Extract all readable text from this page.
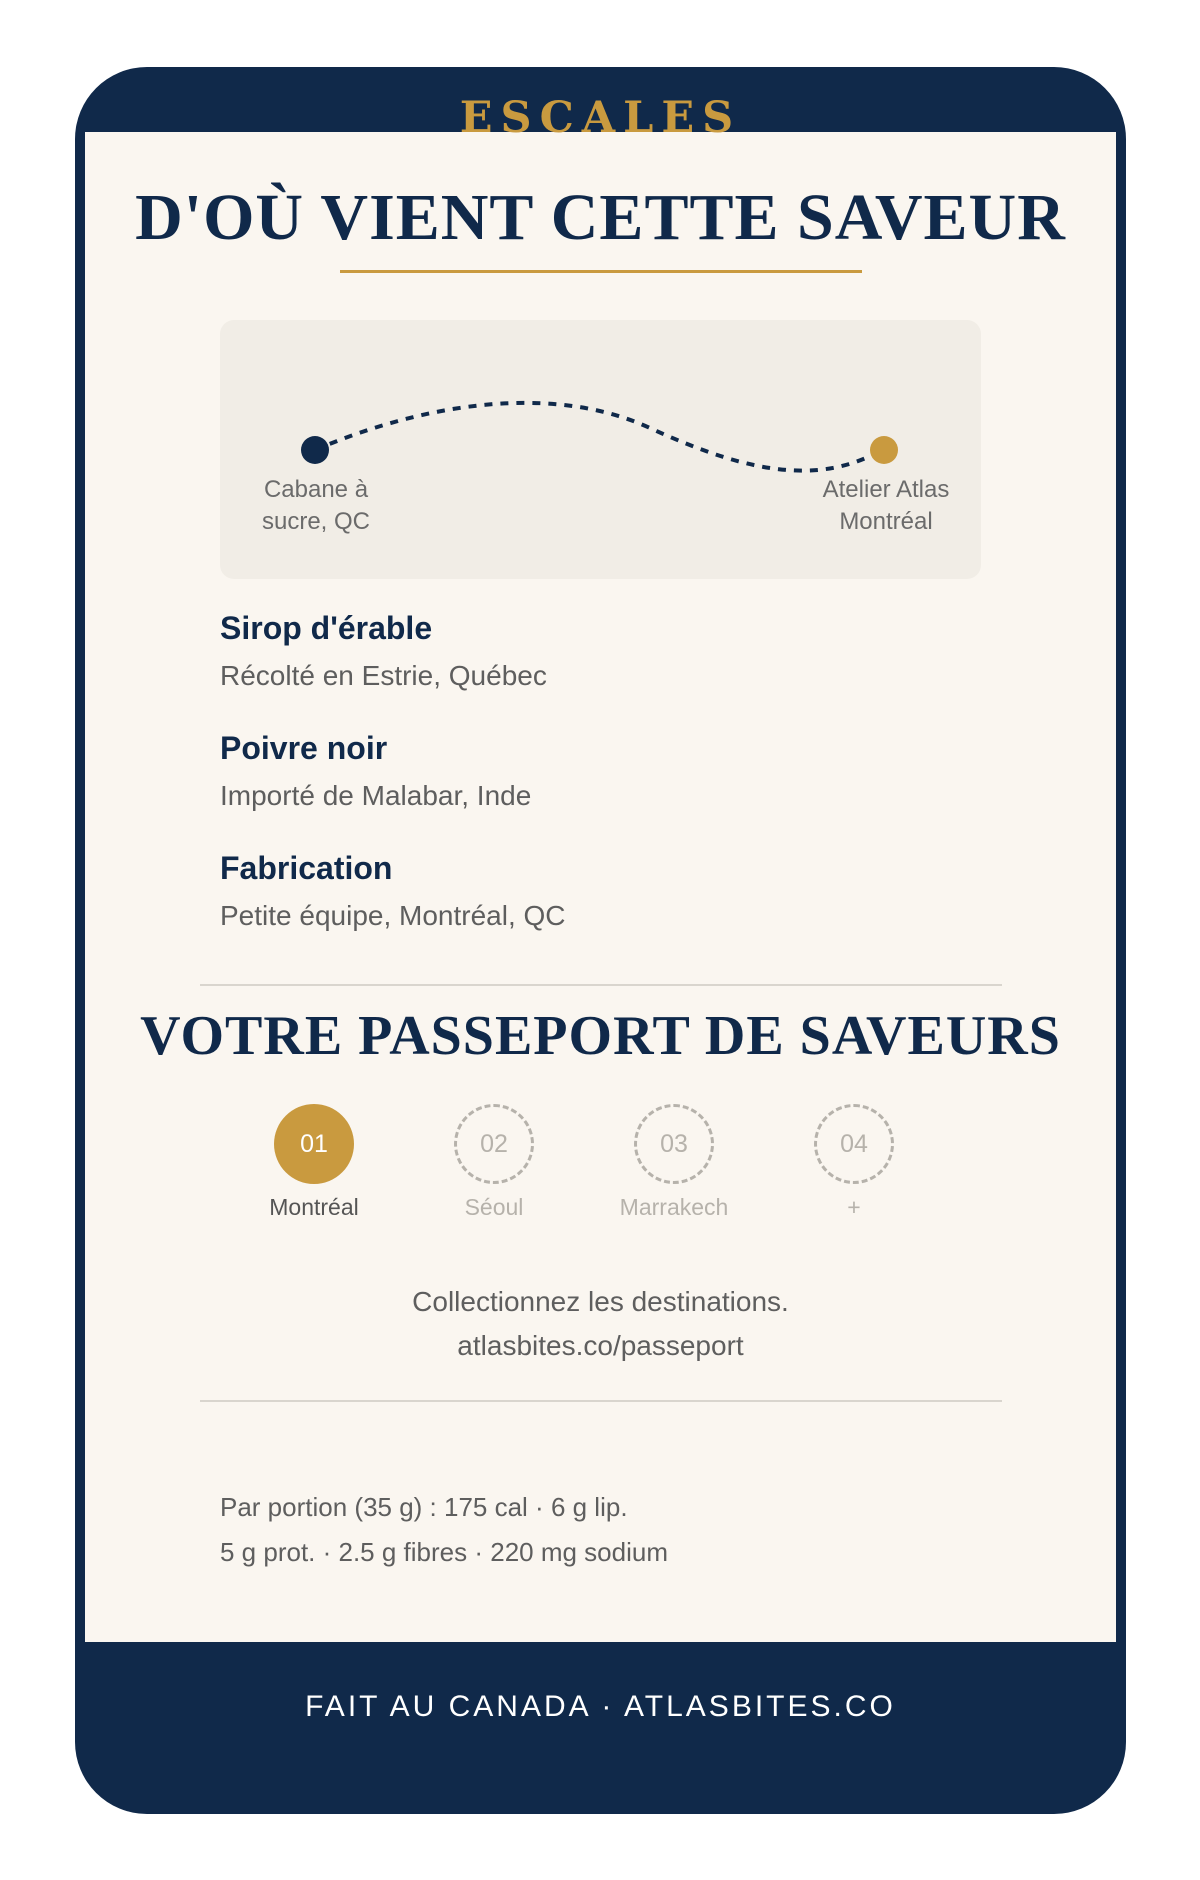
ESCALES
D'OÙ VIENT CETTE SAVEUR
Cabane à
sucre, QC
Atelier Atlas
Montréal
Sirop d'érable
Récolté en Estrie, Québec
Poivre noir
Importé de Malabar, Inde
Fabrication
Petite équipe, Montréal, QC
VOTRE PASSEPORT DE SAVEURS
01
Montréal
02
Séoul
03
Marrakech
04
+
Collectionnez les destinations.
atlasbites.co/passeport
Par portion (35 g) : 175 cal · 6 g lip.
5 g prot. · 2.5 g fibres · 220 mg sodium
FAIT AU CANADA · ATLASBITES.CO
